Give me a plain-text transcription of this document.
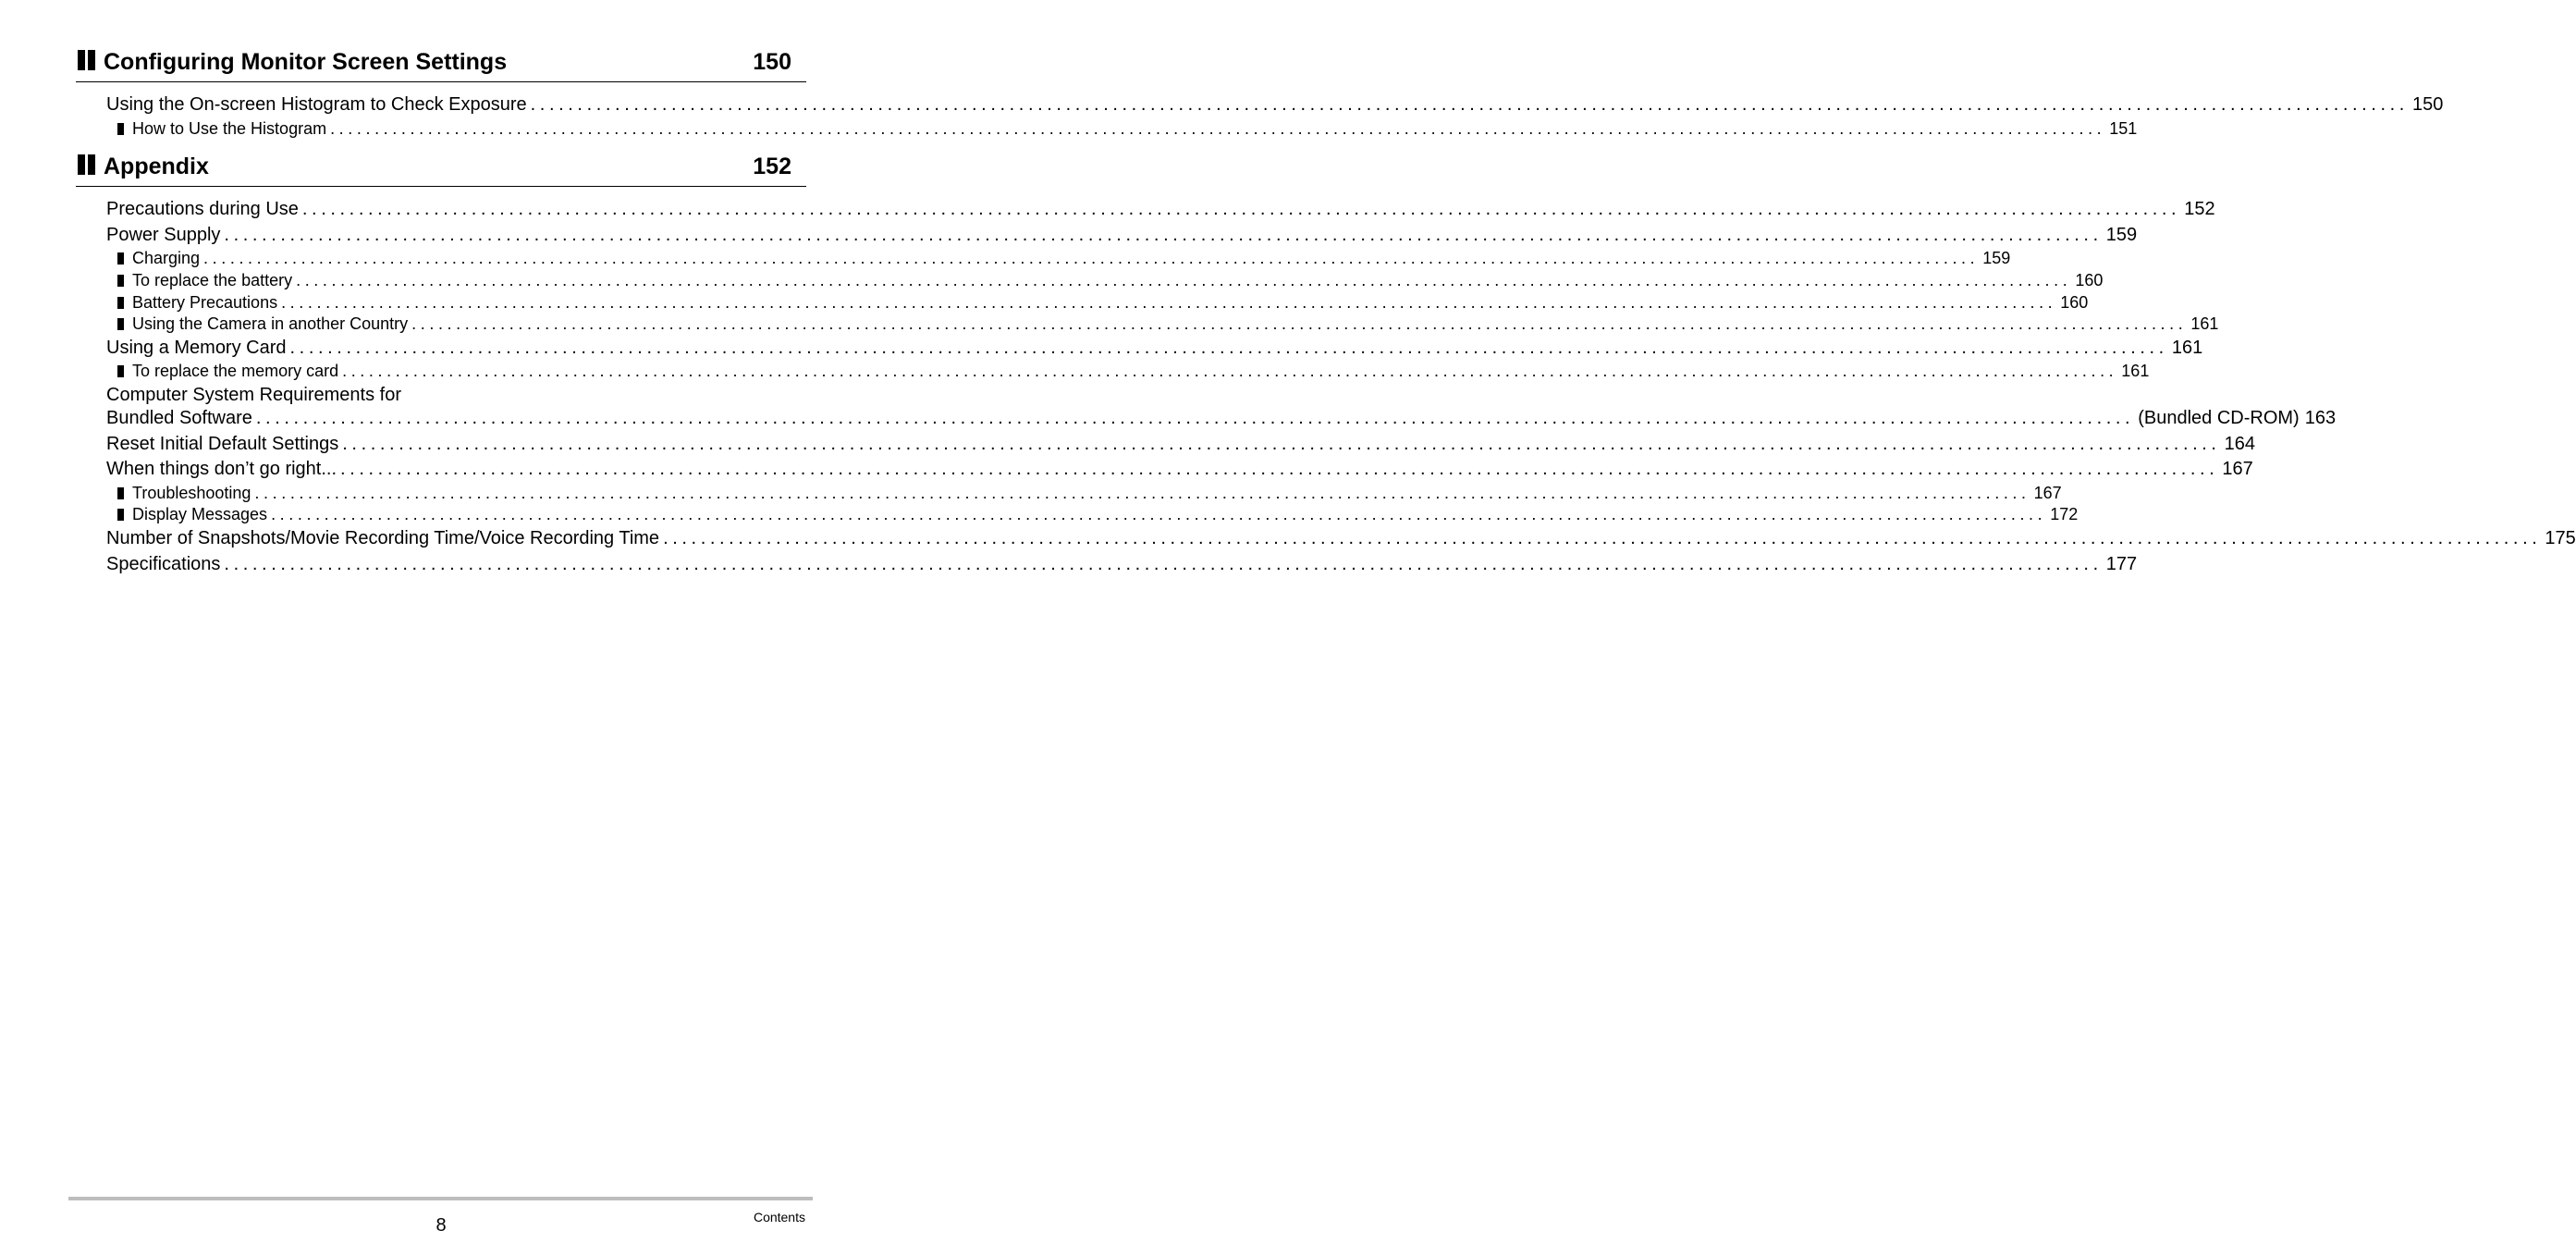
Configuring Monitor Screen Settings	150
Using the On-screen Histogram to Check Exposure ........................................................................................................................................................................................................ 150
How to Use the Histogram ........................................................................................................................................................................................................ 151
Appendix	152
Precautions during Use ........................................................................................................................................................................................................ 152
Power Supply ........................................................................................................................................................................................................ 159
Charging ........................................................................................................................................................................................................ 159
To replace the battery ........................................................................................................................................................................................................ 160
Battery Precautions ........................................................................................................................................................................................................ 160
Using the Camera in another Country ........................................................................................................................................................................................................ 161
Using a Memory Card ........................................................................................................................................................................................................ 161
To replace the memory card ........................................................................................................................................................................................................ 161
Computer System Requirements for
Bundled Software ........................................................................................................................................................................................................ (Bundled CD-ROM) 163
Reset Initial Default Settings ........................................................................................................................................................................................................ 164
When things don’t go right... ........................................................................................................................................................................................................ 167
Troubleshooting ........................................................................................................................................................................................................ 167
Display Messages ........................................................................................................................................................................................................ 172
Number of Snapshots/Movie Recording Time/Voice Recording Time ........................................................................................................................................................................................................ 175
Specifications ........................................................................................................................................................................................................ 177
8	Contents
